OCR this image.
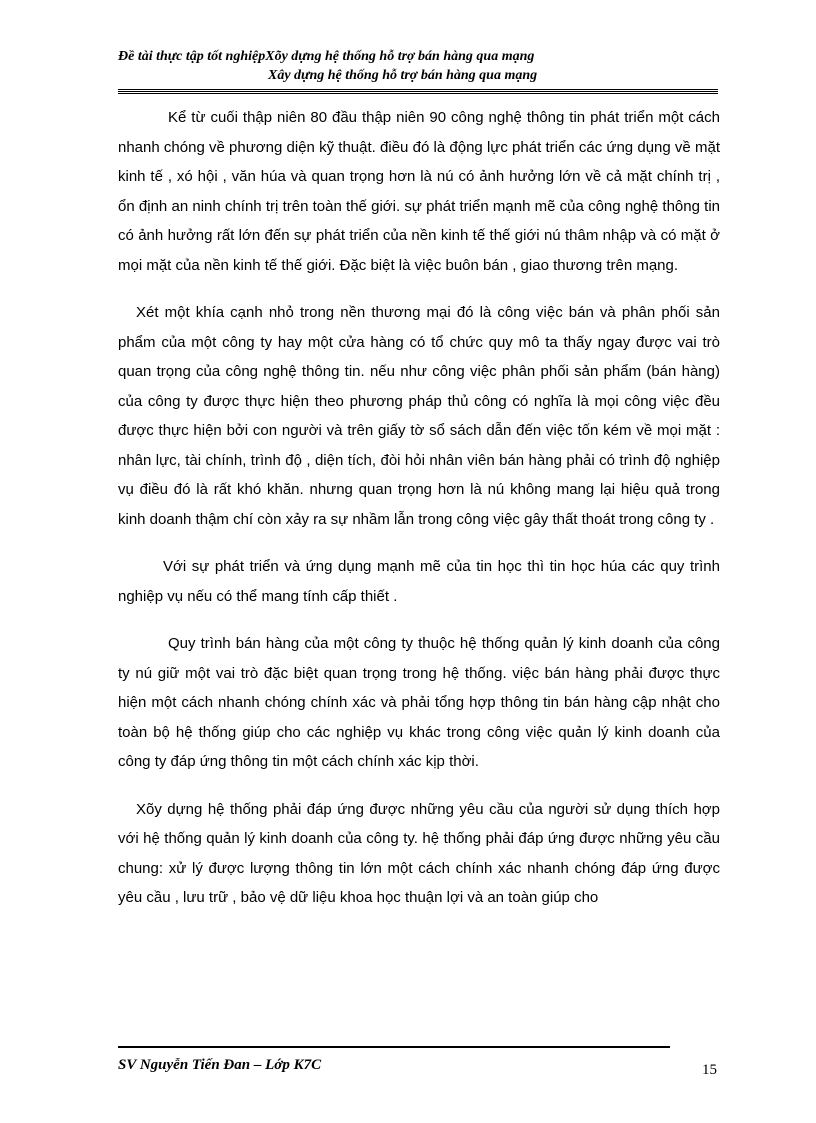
Đề tài thực tập tốt nghiệpXõy dựng hệ thống hỗ trợ bán hàng qua mạng
Xây dựng hệ thống hỗ trợ bán hàng qua mạng

Kể từ cuối thập niên 80 đầu thập niên 90 công nghệ thông tin phát triển một cách nhanh chóng về phương diện kỹ thuật. điều đó là động lực phát triển các ứng dụng về mặt kinh tế , xó hội , văn húa và quan trọng hơn là nú có ảnh hưởng lớn về cả mặt chính trị , ổn định an ninh chính trị trên toàn thế giới. sự phát triển mạnh mẽ của công nghệ thông tin có ảnh hưởng rất lớn đến sự phát triển của nền kinh tế thế giới nú thâm nhập và có mặt ở mọi mặt của nền kinh tế thế giới. Đặc biệt là việc buôn bán , giao thương trên mạng.

Xét một khía cạnh nhỏ trong nền thương mại đó là công việc bán và phân phối sản phẩm của một công ty hay một cửa hàng có tổ chức quy mô ta thấy ngay được vai trò quan trọng của công nghệ thông tin. nếu như công việc phân phối sản phẩm (bán hàng) của công ty được thực hiện theo phương pháp thủ công có nghĩa là mọi công việc đều được thực hiện bởi con người và trên giấy tờ sổ sách dẫn đến việc tốn kém về mọi mặt : nhân lực, tài chính, trình độ , diện tích, đòi hỏi nhân viên bán hàng phải có trình độ nghiệp vụ điều đó là rất khó khăn. nhưng quan trọng hơn là nú không mang lại hiệu quả trong kinh doanh thậm chí còn xảy ra sự nhầm lẫn trong công việc gây thất thoát trong công ty .

Với sự phát triển và ứng dụng mạnh mẽ của tin học thì tin học húa các quy trình nghiệp vụ nếu có thể mang tính cấp thiết .

Quy trình bán hàng của một công ty thuộc hệ thống quản lý kinh doanh của công ty nú giữ một vai trò đặc biệt quan trọng trong hệ thống. việc bán hàng phải được thực hiện một cách nhanh chóng chính xác và phải tổng hợp thông tin bán hàng cập nhật cho toàn bộ hệ thống giúp cho các nghiệp vụ khác trong công việc quản lý kinh doanh của công ty đáp ứng thông tin một cách chính xác kịp thời.

Xõy dựng hệ thống phải đáp ứng được những yêu cầu của người sử dụng thích hợp với hệ thống quản lý kinh doanh của công ty. hệ thống phải đáp ứng được những yêu cầu chung: xử lý được lượng thông tin lớn một cách chính xác nhanh chóng đáp ứng được yêu cầu , lưu trữ , bảo vệ dữ liệu khoa học thuận lợi và an toàn giúp cho

SV Nguyễn Tiến Đan – Lớp K7C	15
